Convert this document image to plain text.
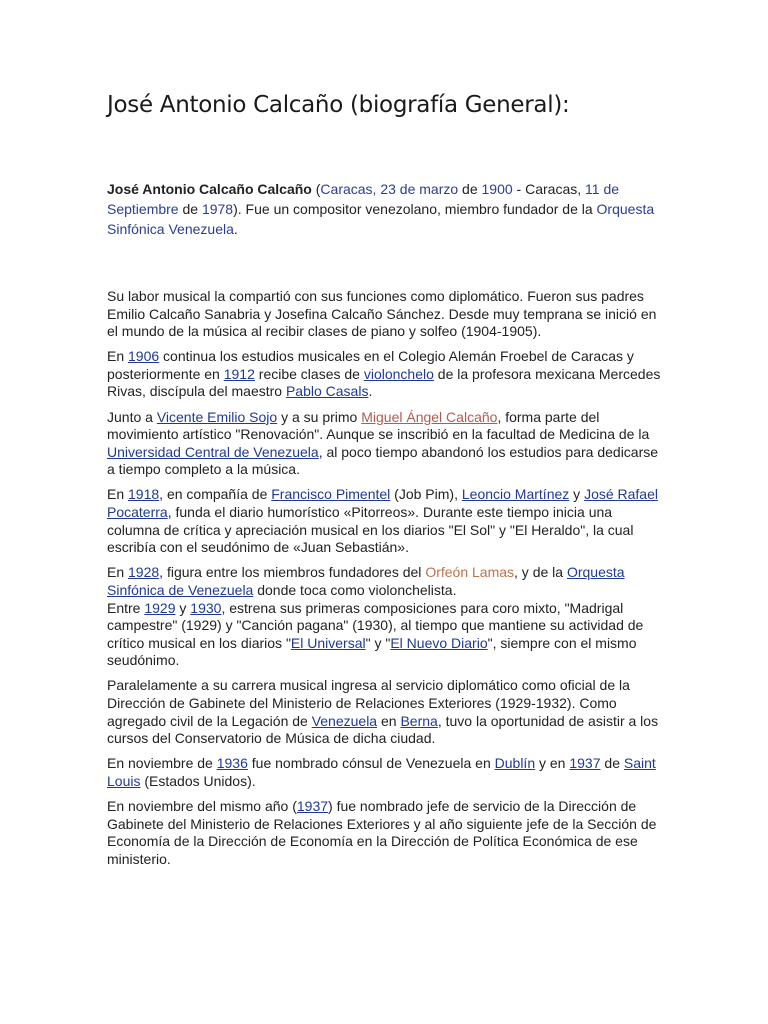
José Antonio Calcaño (biografía General):

José Antonio Calcaño Calcaño (Caracas, 23 de marzo de 1900 - Caracas, 11 de Septiembre de 1978). Fue un compositor venezolano, miembro fundador de la Orquesta Sinfónica Venezuela.

Su labor musical la compartió con sus funciones como diplomático. Fueron sus padres Emilio Calcaño Sanabria y Josefina Calcaño Sánchez. Desde muy temprana se inició en el mundo de la música al recibir clases de piano y solfeo (1904-1905).

En 1906 continua los estudios musicales en el Colegio Alemán Froebel de Caracas y posteriormente en 1912 recibe clases de violonchelo de la profesora mexicana Mercedes Rivas, discípula del maestro Pablo Casals.

Junto a Vicente Emilio Sojo y a su primo Miguel Ángel Calcaño, forma parte del movimiento artístico "Renovación". Aunque se inscribió en la facultad de Medicina de la Universidad Central de Venezuela, al poco tiempo abandonó los estudios para dedicarse a tiempo completo a la música.

En 1918, en compañía de Francisco Pimentel (Job Pim), Leoncio Martínez y José Rafael Pocaterra, funda el diario humorístico «Pitorreos». Durante este tiempo inicia una columna de crítica y apreciación musical en los diarios "El Sol" y "El Heraldo", la cual escribía con el seudónimo de «Juan Sebastián».

En 1928, figura entre los miembros fundadores del Orfeón Lamas, y de la Orquesta Sinfónica de Venezuela donde toca como violonchelista.
Entre 1929 y 1930, estrena sus primeras composiciones para coro mixto, "Madrigal campestre" (1929) y "Canción pagana" (1930), al tiempo que mantiene su actividad de crítico musical en los diarios "El Universal" y "El Nuevo Diario", siempre con el mismo seudónimo.

Paralelamente a su carrera musical ingresa al servicio diplomático como oficial de la Dirección de Gabinete del Ministerio de Relaciones Exteriores (1929-1932). Como agregado civil de la Legación de Venezuela en Berna, tuvo la oportunidad de asistir a los cursos del Conservatorio de Música de dicha ciudad.

En noviembre de 1936 fue nombrado cónsul de Venezuela en Dublín y en 1937 de Saint Louis (Estados Unidos).

En noviembre del mismo año (1937) fue nombrado jefe de servicio de la Dirección de Gabinete del Ministerio de Relaciones Exteriores y al año siguiente jefe de la Sección de Economía de la Dirección de Economía en la Dirección de Política Económica de ese ministerio.
